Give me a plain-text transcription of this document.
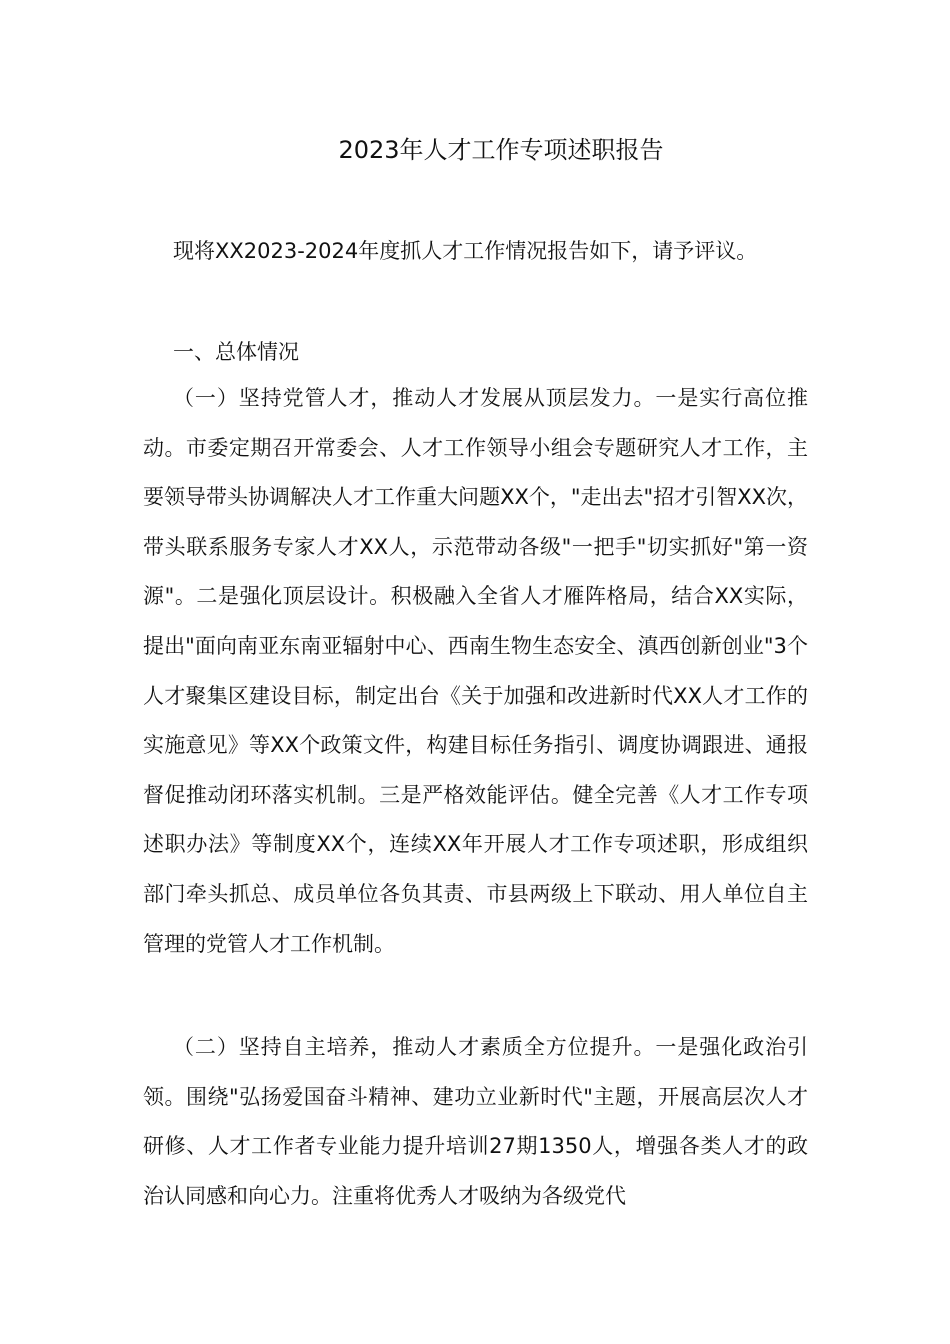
2023年人才工作专项述职报告
现将XX2023-2024年度抓人才工作情况报告如下，请予评议。
一、总体情况

（一）坚持党管人才，推动人才发展从顶层发力。一是实行高位推动。市委定期召开常委会、人才工作领导小组会专题研究人才工作，主要领导带头协调解决人才工作重大问题XX个，"走出去"招才引智XX次，带头联系服务专家人才XX人，示范带动各级"一把手"切实抓好"第一资源"。二是强化顶层设计。积极融入全省人才雁阵格局，结合XX实际，提出"面向南亚东南亚辐射中心、西南生物生态安全、滇西创新创业"3个人才聚集区建设目标，制定出台《关于加强和改进新时代XX人才工作的实施意见》等XX个政策文件，构建目标任务指引、调度协调跟进、通报督促推动闭环落实机制。三是严格效能评估。健全完善《人才工作专项述职办法》等制度XX个，连续XX年开展人才工作专项述职，形成组织部门牵头抓总、成员单位各负其责、市县两级上下联动、用人单位自主管理的党管人才工作机制。

（二）坚持自主培养，推动人才素质全方位提升。一是强化政治引领。围绕"弘扬爱国奋斗精神、建功立业新时代"主题，开展高层次人才研修、人才工作者专业能力提升培训27期1350人，增强各类人才的政治认同感和向心力。注重将优秀人才吸纳为各级党代
